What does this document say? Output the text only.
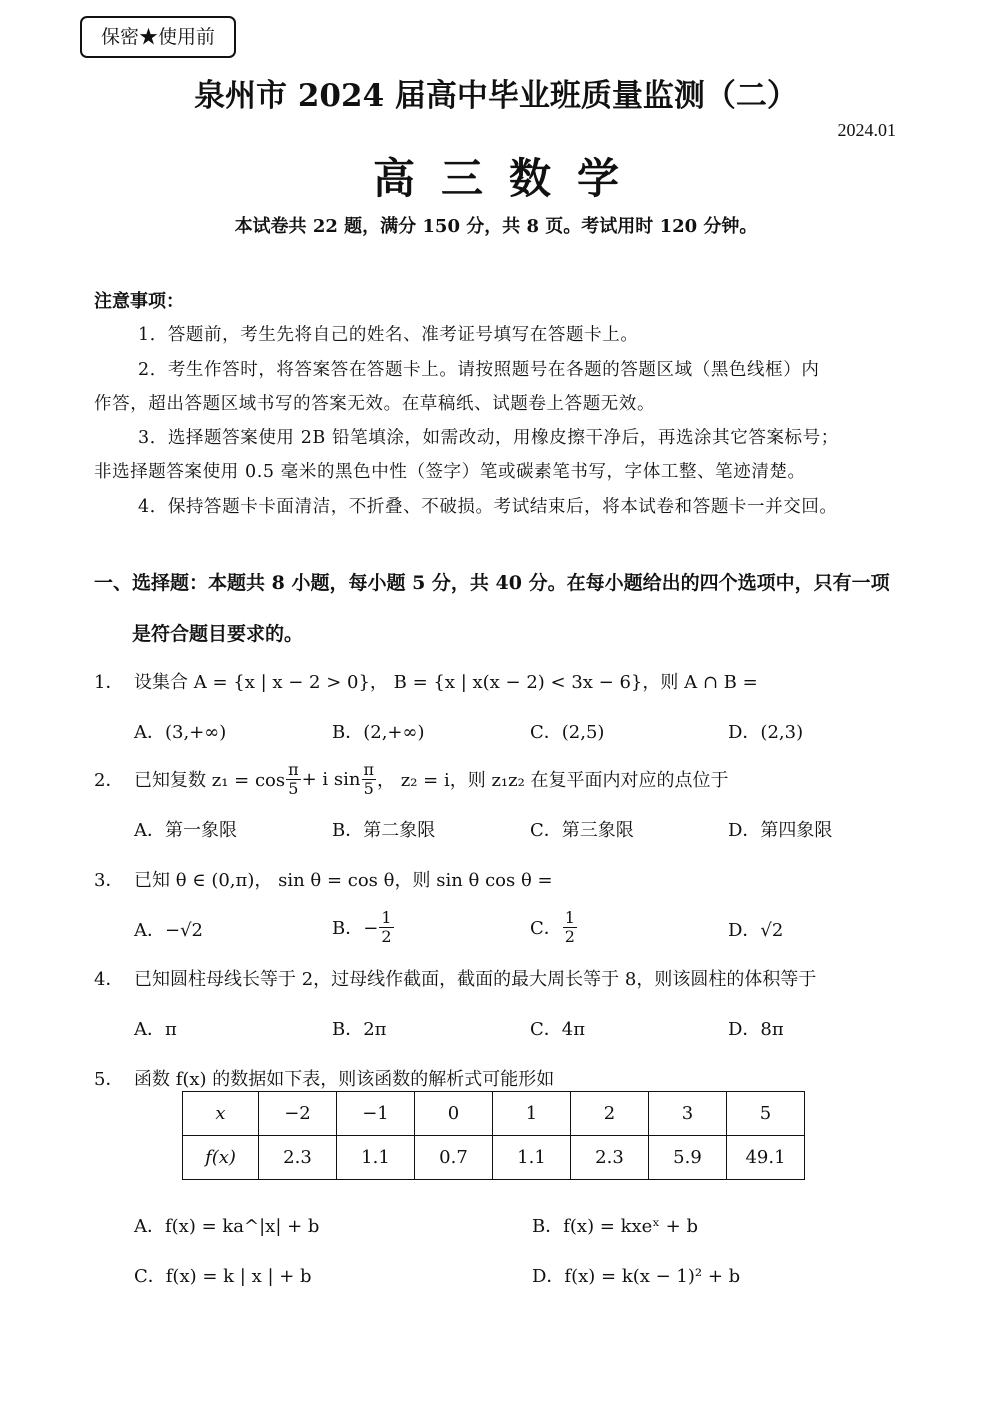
保密★使用前
泉州市 2024 届高中毕业班质量监测（二）
2024.01
高三数学
本试卷共 22 题，满分 150 分，共 8 页。考试用时 120 分钟。
注意事项：
1．答题前，考生先将自己的姓名、准考证号填写在答题卡上。
2．考生作答时，将答案答在答题卡上。请按照题号在各题的答题区域（黑色线框）内
作答，超出答题区域书写的答案无效。在草稿纸、试题卷上答题无效。
3．选择题答案使用 2B 铅笔填涂，如需改动，用橡皮擦干净后，再选涂其它答案标号；
非选择题答案使用 0.5 毫米的黑色中性（签字）笔或碳素笔书写，字体工整、笔迹清楚。
4．保持答题卡卡面清洁，不折叠、不破损。考试结束后，将本试卷和答题卡一并交回。
一、选择题：本题共 8 小题，每小题 5 分，共 40 分。在每小题给出的四个选项中，只有一项
是符合题目要求的。
1． 设集合 A = {x | x − 2 > 0}， B = {x | x(x − 2) < 3x − 6}，则 A ∩ B =
A．(3,+∞)	B．(2,+∞)	C．(2,5)	D．(2,3)
2． 已知复数 $z_1 = \cos \frac{\pi}{5} + i$ $\sin \frac{\pi}{5}$ ， z₂ = i，则 z₁z₂ 在复平面内对应的点位于
A．第一象限	B．第二象限	C．第三象限	D．第四象限
3． 已知 θ ∈ (0,π)， sin θ = cos θ，则 sin θ cos θ =
A．−√2	B．− $\frac{1}{2}$	C． $\frac{1}{2}$	D．√2
4． 已知圆柱母线长等于 2，过母线作截面，截面的最大周长等于 8，则该圆柱的体积等于
A．π	B．2π	C．4π	D．8π
5． 函数 f(x) 的数据如下表，则该函数的解析式可能形如
x	−2	−1	0	1	2	3	5
f(x)	2.3	1.1	0.7	1.1	2.3	5.9	49.1
A．f(x) = ka^|x| + b	B．f(x) = kxeˣ + b
C．f(x) = k | x | + b	D．f(x) = k(x − 1)² + b
